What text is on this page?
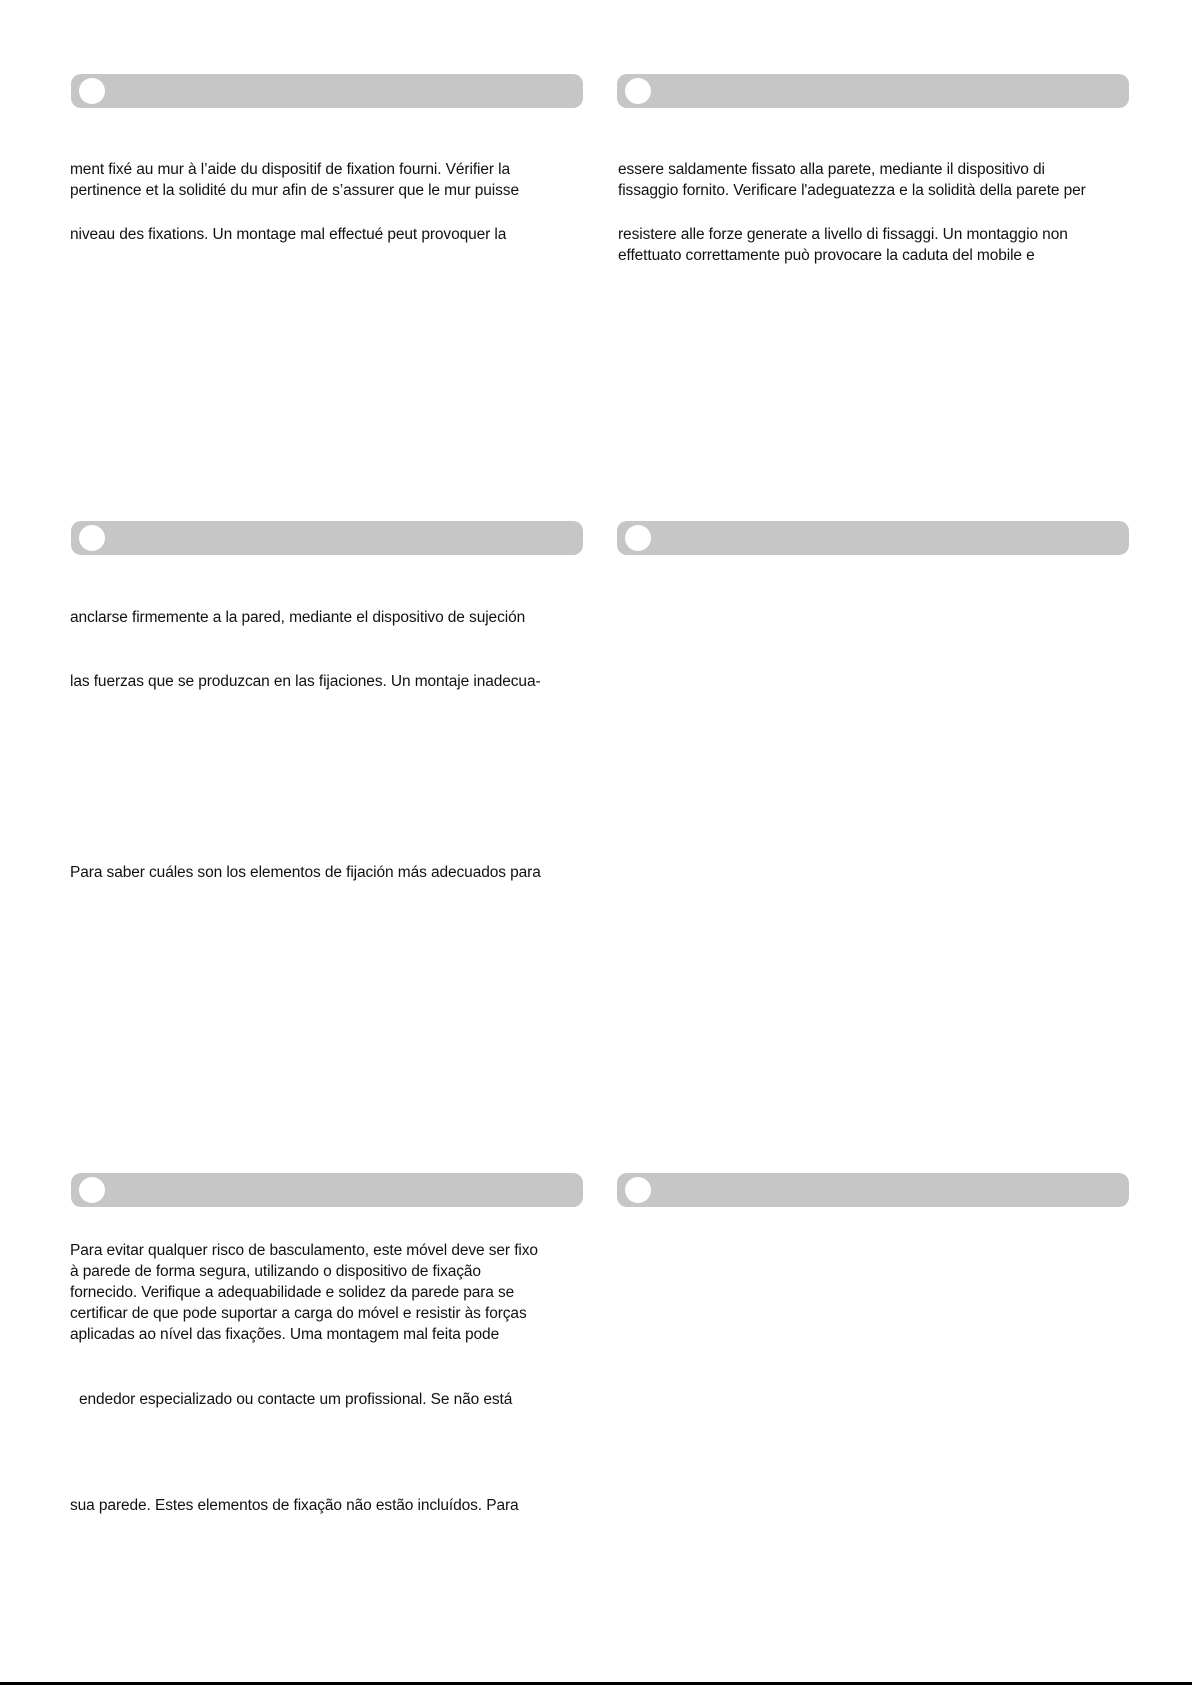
ment fixé au mur à l’aide du dispositif de fixation fourni. Vérifier la
pertinence et la solidité du mur afin de s’assurer que le mur puisse
niveau des fixations. Un montage mal effectué peut provoquer la
essere saldamente fissato alla parete, mediante il dispositivo di
fissaggio fornito. Verificare l'adeguatezza e la solidità della parete per
resistere alle forze generate a livello di fissaggi. Un montaggio non
effettuato correttamente può provocare la caduta del mobile e
anclarse firmemente a la pared, mediante el dispositivo de sujeción
las fuerzas que se produzcan en las fijaciones. Un montaje inadecua-
Para saber cuáles son los elementos de fijación más adecuados para
Para evitar qualquer risco de basculamento, este móvel deve ser fixo
à parede de forma segura, utilizando o dispositivo de fixação
fornecido. Verifique a adequabilidade e solidez da parede para se
certificar de que pode suportar a carga do móvel e resistir às forças
aplicadas ao nível das fixações. Uma montagem mal feita pode
endedor especializado ou contacte um profissional. Se não está
sua parede. Estes elementos de fixação não estão incluídos. Para
